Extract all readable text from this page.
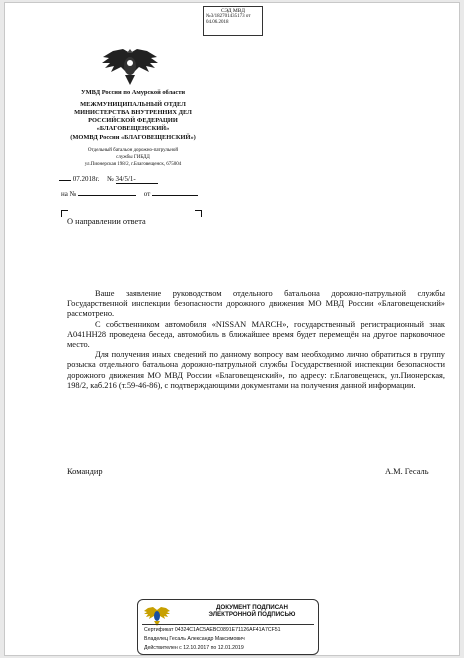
СЭД МВД
№3/182701435173 от
04.06.2018
УМВД России по Амурской области
МЕЖМУНИЦИПАЛЬНЫЙ ОТДЕЛ
МИНИСТЕРСТВА ВНУТРЕННИХ ДЕЛ
РОССИЙСКОЙ ФЕДЕРАЦИИ
«БЛАГОВЕЩЕНСКИЙ»
(МОМВД России «БЛАГОВЕЩЕНСКИЙ»)
Отдельный батальон дорожно-патрульной
службы ГИБДД
ул.Пионерская 198/2, г.Благовещенск, 675004
07.2018г. № 34/5/1-
на №	от
О направлении ответа

Ваше заявление руководством отдельного батальона дорожно-патрульной службы Государственной инспекции безопасности дорожного движения МО МВД России «Благовещенский» рассмотрено.

С собственником автомобиля «NISSAN MARCH», государственный регистрационный знак А041НН28 проведена беседа, автомобиль в ближайшее время будет перемещён на другое парковочное место.

Для получения иных сведений по данному вопросу вам необходимо лично обратиться в группу розыска отдельного батальона дорожно-патрульной службы Государственной инспекции безопасности дорожного движения МО МВД России «Благовещенский», по адресу: г.Благовещенск, ул.Пионерская, 198/2, каб.216 (т.59-46-86), с подтверждающими документами на получения данной информации.

Командир	А.М. Гесаль
ДОКУМЕНТ ПОДПИСАН
ЭЛЕКТРОННОЙ ПОДПИСЬЮ
Сертификат 04324C1AC5AEBC0891E71126AF41A7CF51
Владелец Гесаль Александр Максимович
Действителен с 12.10.2017 по 12.01.2019
